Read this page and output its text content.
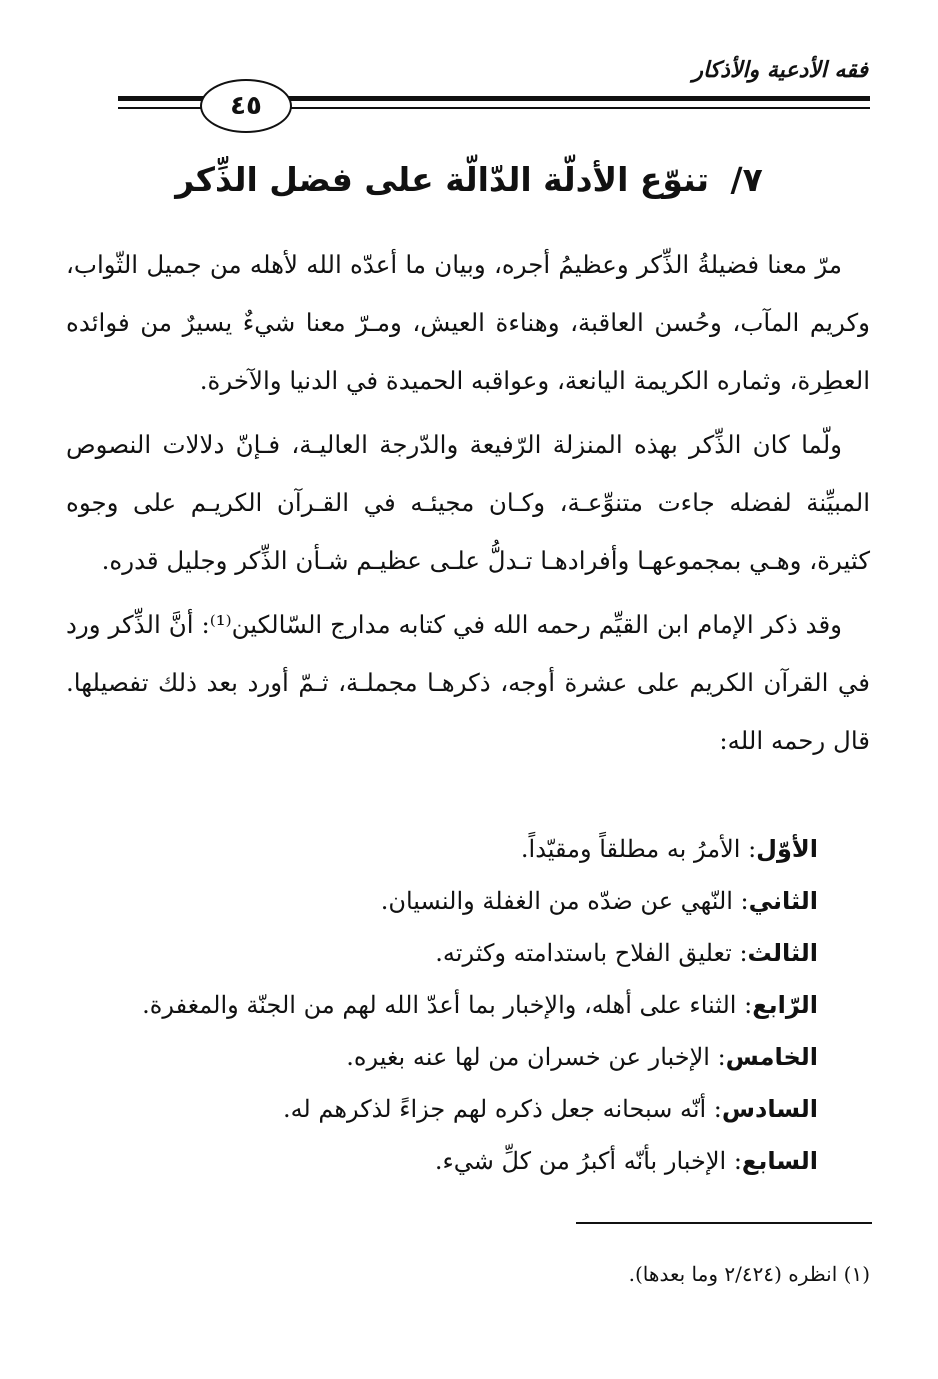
فقه الأدعية والأذكار
٤٥
٧/ تنوّع الأدلّة الدّالّة على فضل الذِّكر

مرّ معنا فضيلةُ الذِّكر وعظيمُ أجره، وبيان ما أعدّه الله لأهله من جميل الثّواب، وكريم المآب، وحُسن العاقبة، وهناءة العيش، ومـرّ معنا شيءٌ يسيرٌ من فوائده العطِرة، وثماره الكريمة اليانعة، وعواقبه الحميدة في الدنيا والآخرة.

ولّما كان الذِّكر بهذه المنزلة الرّفيعة والدّرجة العاليـة، فـإنّ دلالات النصوص المبيِّنة لفضله جاءت متنوِّعـة، وكـان مجيئـه في القـرآن الكريـم على وجوه كثيرة، وهـي بمجموعهـا وأفرادهـا تـدلُّ علـى عظيـم شـأن الذِّكر وجليل قدره.

وقد ذكر الإمام ابن القيِّم رحمه الله في كتابه مدارج السّالكين⁽¹⁾: أنَّ الذِّكر ورد في القرآن الكريم على عشرة أوجه، ذكرهـا مجملـة، ثـمّ أورد بعد ذلك تفصيلها. قال رحمه الله:

الأوّل: الأمرُ به مطلقاً ومقيّداً.
الثاني: النّهي عن ضدّه من الغفلة والنسيان.
الثالث: تعليق الفلاح باستدامته وكثرته.
الرّابع: الثناء على أهله، والإخبار بما أعدّ الله لهم من الجنّة والمغفرة.
الخامس: الإخبار عن خسران من لها عنه بغيره.
السادس: أنّه سبحانه جعل ذكره لهم جزاءً لذكرهم له.
السابع: الإخبار بأنّه أكبرُ من كلِّ شيء.
(١) انظره (٢/٤٢٤ وما بعدها).
